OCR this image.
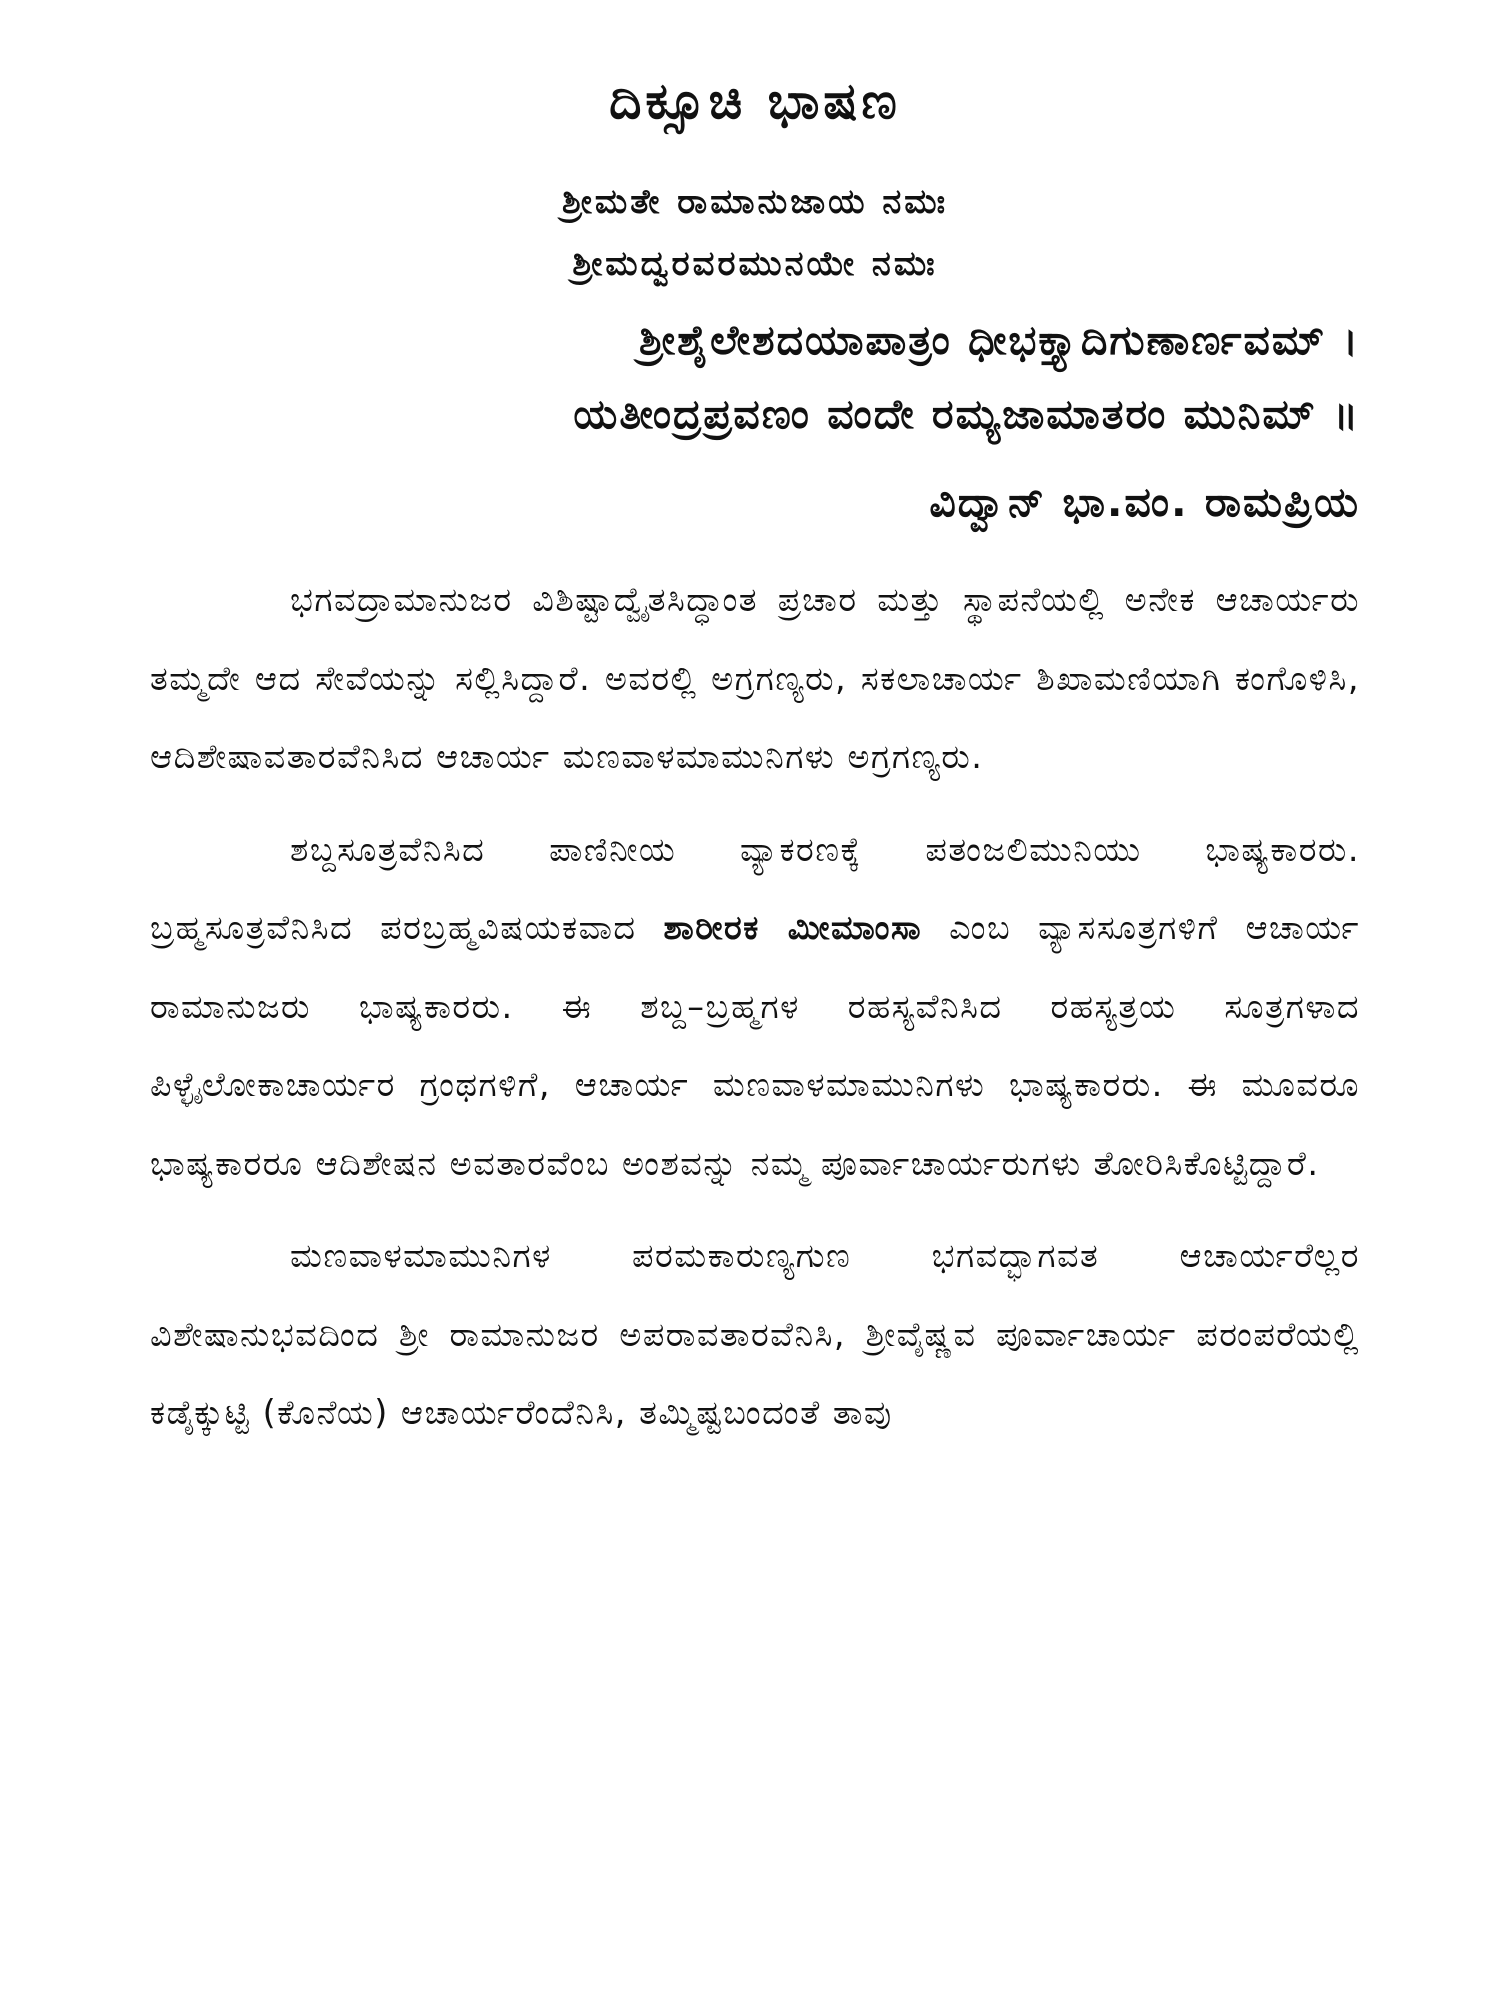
ದಿಕ್ಸೂಚಿ ಭಾಷಣ

ಶ್ರೀಮತೇ ರಾಮಾನುಜಾಯ ನಮಃ

ಶ್ರೀಮದ್ವರವರಮುನಯೇ ನಮಃ

ಶ್ರೀಶೈಲೇಶದಯಾಪಾತ್ರಂ ಧೀಭಕ್ತ್ಯಾದಿಗುಣಾರ್ಣವಮ್ ।

ಯತೀಂದ್ರಪ್ರವಣಂ ವಂದೇ ರಮ್ಯಜಾಮಾತರಂ ಮುನಿಮ್ ॥

ವಿದ್ವಾನ್ ಭಾ.ವಂ. ರಾಮಪ್ರಿಯ

ಭಗವದ್ರಾಮಾನುಜರ ವಿಶಿಷ್ಟಾದ್ವೈತಸಿದ್ಧಾಂತ ಪ್ರಚಾರ ಮತ್ತು ಸ್ಥಾಪನೆಯಲ್ಲಿ ಅನೇಕ ಆಚಾರ್ಯರು ತಮ್ಮದೇ ಆದ ಸೇವೆಯನ್ನು ಸಲ್ಲಿಸಿದ್ದಾರೆ. ಅವರಲ್ಲಿ ಅಗ್ರಗಣ್ಯರು, ಸಕಲಾಚಾರ್ಯ ಶಿಖಾಮಣಿಯಾಗಿ ಕಂಗೊಳಿಸಿ, ಆದಿಶೇಷಾವತಾರವೆನಿಸಿದ ಆಚಾರ್ಯ ಮಣವಾಳಮಾಮುನಿಗಳು ಅಗ್ರಗಣ್ಯರು.

ಶಬ್ದಸೂತ್ರವೆನಿಸಿದ ಪಾಣಿನೀಯ ವ್ಯಾಕರಣಕ್ಕೆ ಪತಂಜಲಿಮುನಿಯು ಭಾಷ್ಯಕಾರರು. ಬ್ರಹ್ಮಸೂತ್ರವೆನಿಸಿದ ಪರಬ್ರಹ್ಮವಿಷಯಕವಾದ ಶಾರೀರಕ ಮೀಮಾಂಸಾ ಎಂಬ ವ್ಯಾಸಸೂತ್ರಗಳಿಗೆ ಆಚಾರ್ಯ ರಾಮಾನುಜರು ಭಾಷ್ಯಕಾರರು. ಈ ಶಬ್ದ–ಬ್ರಹ್ಮಗಳ ರಹಸ್ಯವೆನಿಸಿದ ರಹಸ್ಯತ್ರಯ ಸೂತ್ರಗಳಾದ ಪಿಳ್ಳೈಲೋಕಾಚಾರ್ಯರ ಗ್ರಂಥಗಳಿಗೆ, ಆಚಾರ್ಯ ಮಣವಾಳಮಾಮುನಿಗಳು ಭಾಷ್ಯಕಾರರು. ಈ ಮೂವರೂ ಭಾಷ್ಯಕಾರರೂ ಆದಿಶೇಷನ ಅವತಾರವೆಂಬ ಅಂಶವನ್ನು ನಮ್ಮ ಪೂರ್ವಾಚಾರ್ಯರುಗಳು ತೋರಿಸಿಕೊಟ್ಟಿದ್ದಾರೆ.

ಮಣವಾಳಮಾಮುನಿಗಳ ಪರಮಕಾರುಣ್ಯಗುಣ ಭಗವದ್ಭಾಗವತ ಆಚಾರ್ಯರೆಲ್ಲರ ವಿಶೇಷಾನುಭವದಿಂದ ಶ್ರೀ ರಾಮಾನುಜರ ಅಪರಾವತಾರವೆನಿಸಿ, ಶ್ರೀವೈಷ್ಣವ ಪೂರ್ವಾಚಾರ್ಯ ಪರಂಪರೆಯಲ್ಲಿ ಕಡೈಕ್ಕುಟ್ಟಿ (ಕೊನೆಯ) ಆಚಾರ್ಯರೆಂದೆನಿಸಿ, ತಮ್ಮಿಷ್ಟಬಂದಂತೆ ತಾವು
